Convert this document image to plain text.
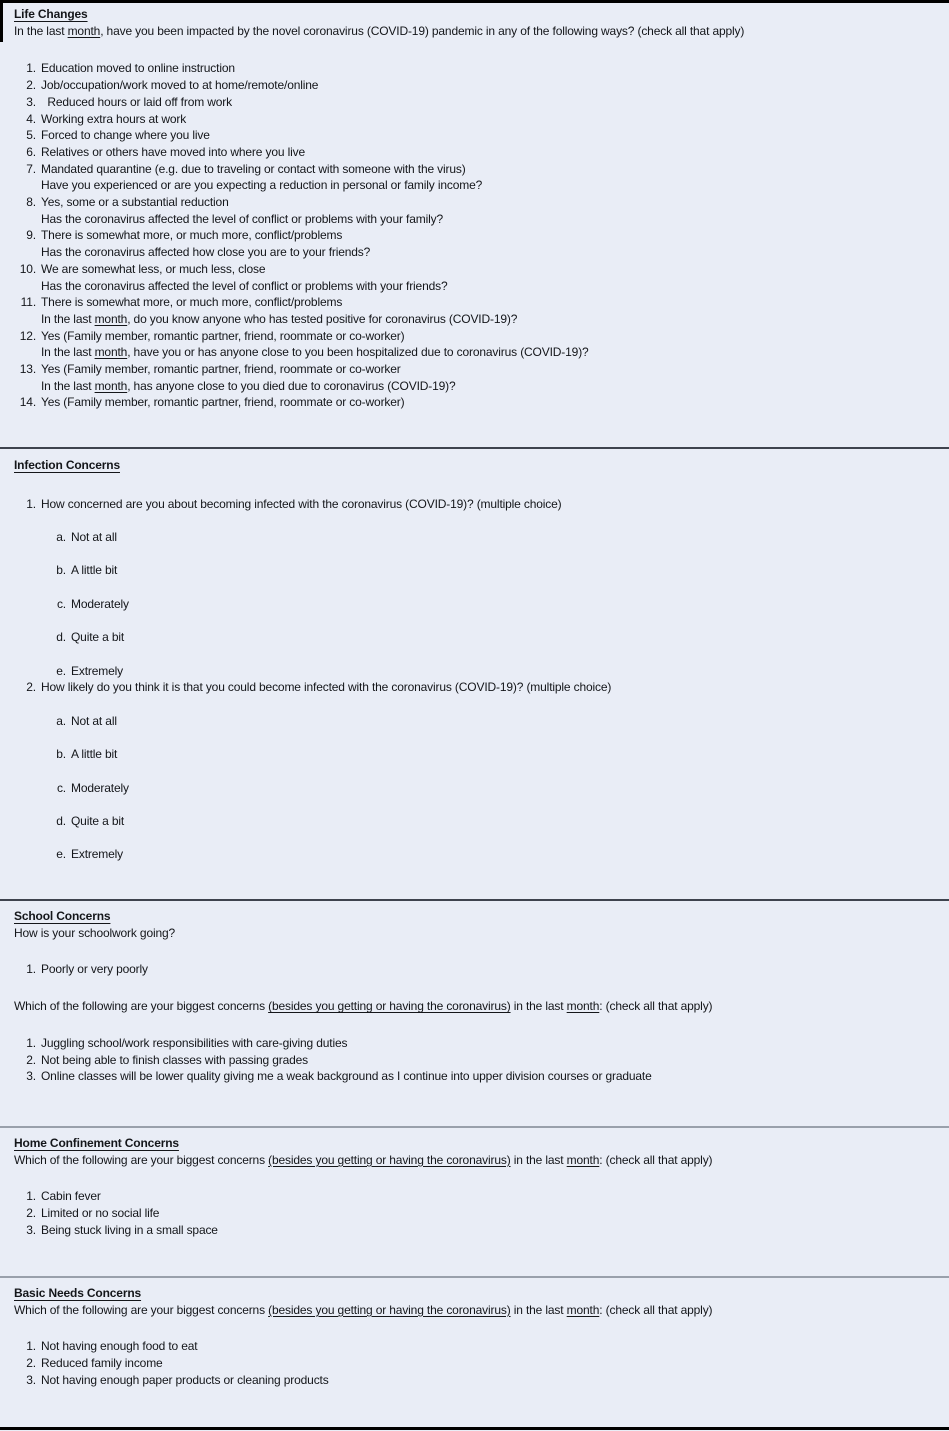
Life Changes
In the last month, have you been impacted by the novel coronavirus (COVID-19) pandemic in any of the following ways? (check all that apply)
1. Education moved to online instruction
2. Job/occupation/work moved to at home/remote/online
3.  Reduced hours or laid off from work
4. Working extra hours at work
5. Forced to change where you live
6. Relatives or others have moved into where you live
7. Mandated quarantine (e.g. due to traveling or contact with someone with the virus)
Have you experienced or are you expecting a reduction in personal or family income?
8. Yes, some or a substantial reduction
Has the coronavirus affected the level of conflict or problems with your family?
9. There is somewhat more, or much more, conflict/problems
Has the coronavirus affected how close you are to your friends?
10. We are somewhat less, or much less, close
Has the coronavirus affected the level of conflict or problems with your friends?
11. There is somewhat more, or much more, conflict/problems
In the last month, do you know anyone who has tested positive for coronavirus (COVID-19)?
12. Yes (Family member, romantic partner, friend, roommate or co-worker)
In the last month, have you or has anyone close to you been hospitalized due to coronavirus (COVID-19)?
13. Yes (Family member, romantic partner, friend, roommate or co-worker
In the last month, has anyone close to you died due to coronavirus (COVID-19)?
14. Yes (Family member, romantic partner, friend, roommate or co-worker)
Infection Concerns
1. How concerned are you about becoming infected with the coronavirus (COVID-19)? (multiple choice)
a. Not at all
b. A little bit
c. Moderately
d. Quite a bit
e. Extremely
2. How likely do you think it is that you could become infected with the coronavirus (COVID-19)? (multiple choice)
a. Not at all
b. A little bit
c. Moderately
d. Quite a bit
e. Extremely
School Concerns
How is your schoolwork going?
1. Poorly or very poorly
Which of the following are your biggest concerns (besides you getting or having the coronavirus) in the last month: (check all that apply)
1. Juggling school/work responsibilities with care-giving duties
2. Not being able to finish classes with passing grades
3. Online classes will be lower quality giving me a weak background as I continue into upper division courses or graduate
Home Confinement Concerns
Which of the following are your biggest concerns (besides you getting or having the coronavirus) in the last month: (check all that apply)
1. Cabin fever
2. Limited or no social life
3. Being stuck living in a small space
Basic Needs Concerns
Which of the following are your biggest concerns (besides you getting or having the coronavirus) in the last month: (check all that apply)
1. Not having enough food to eat
2. Reduced family income
3. Not having enough paper products or cleaning products
